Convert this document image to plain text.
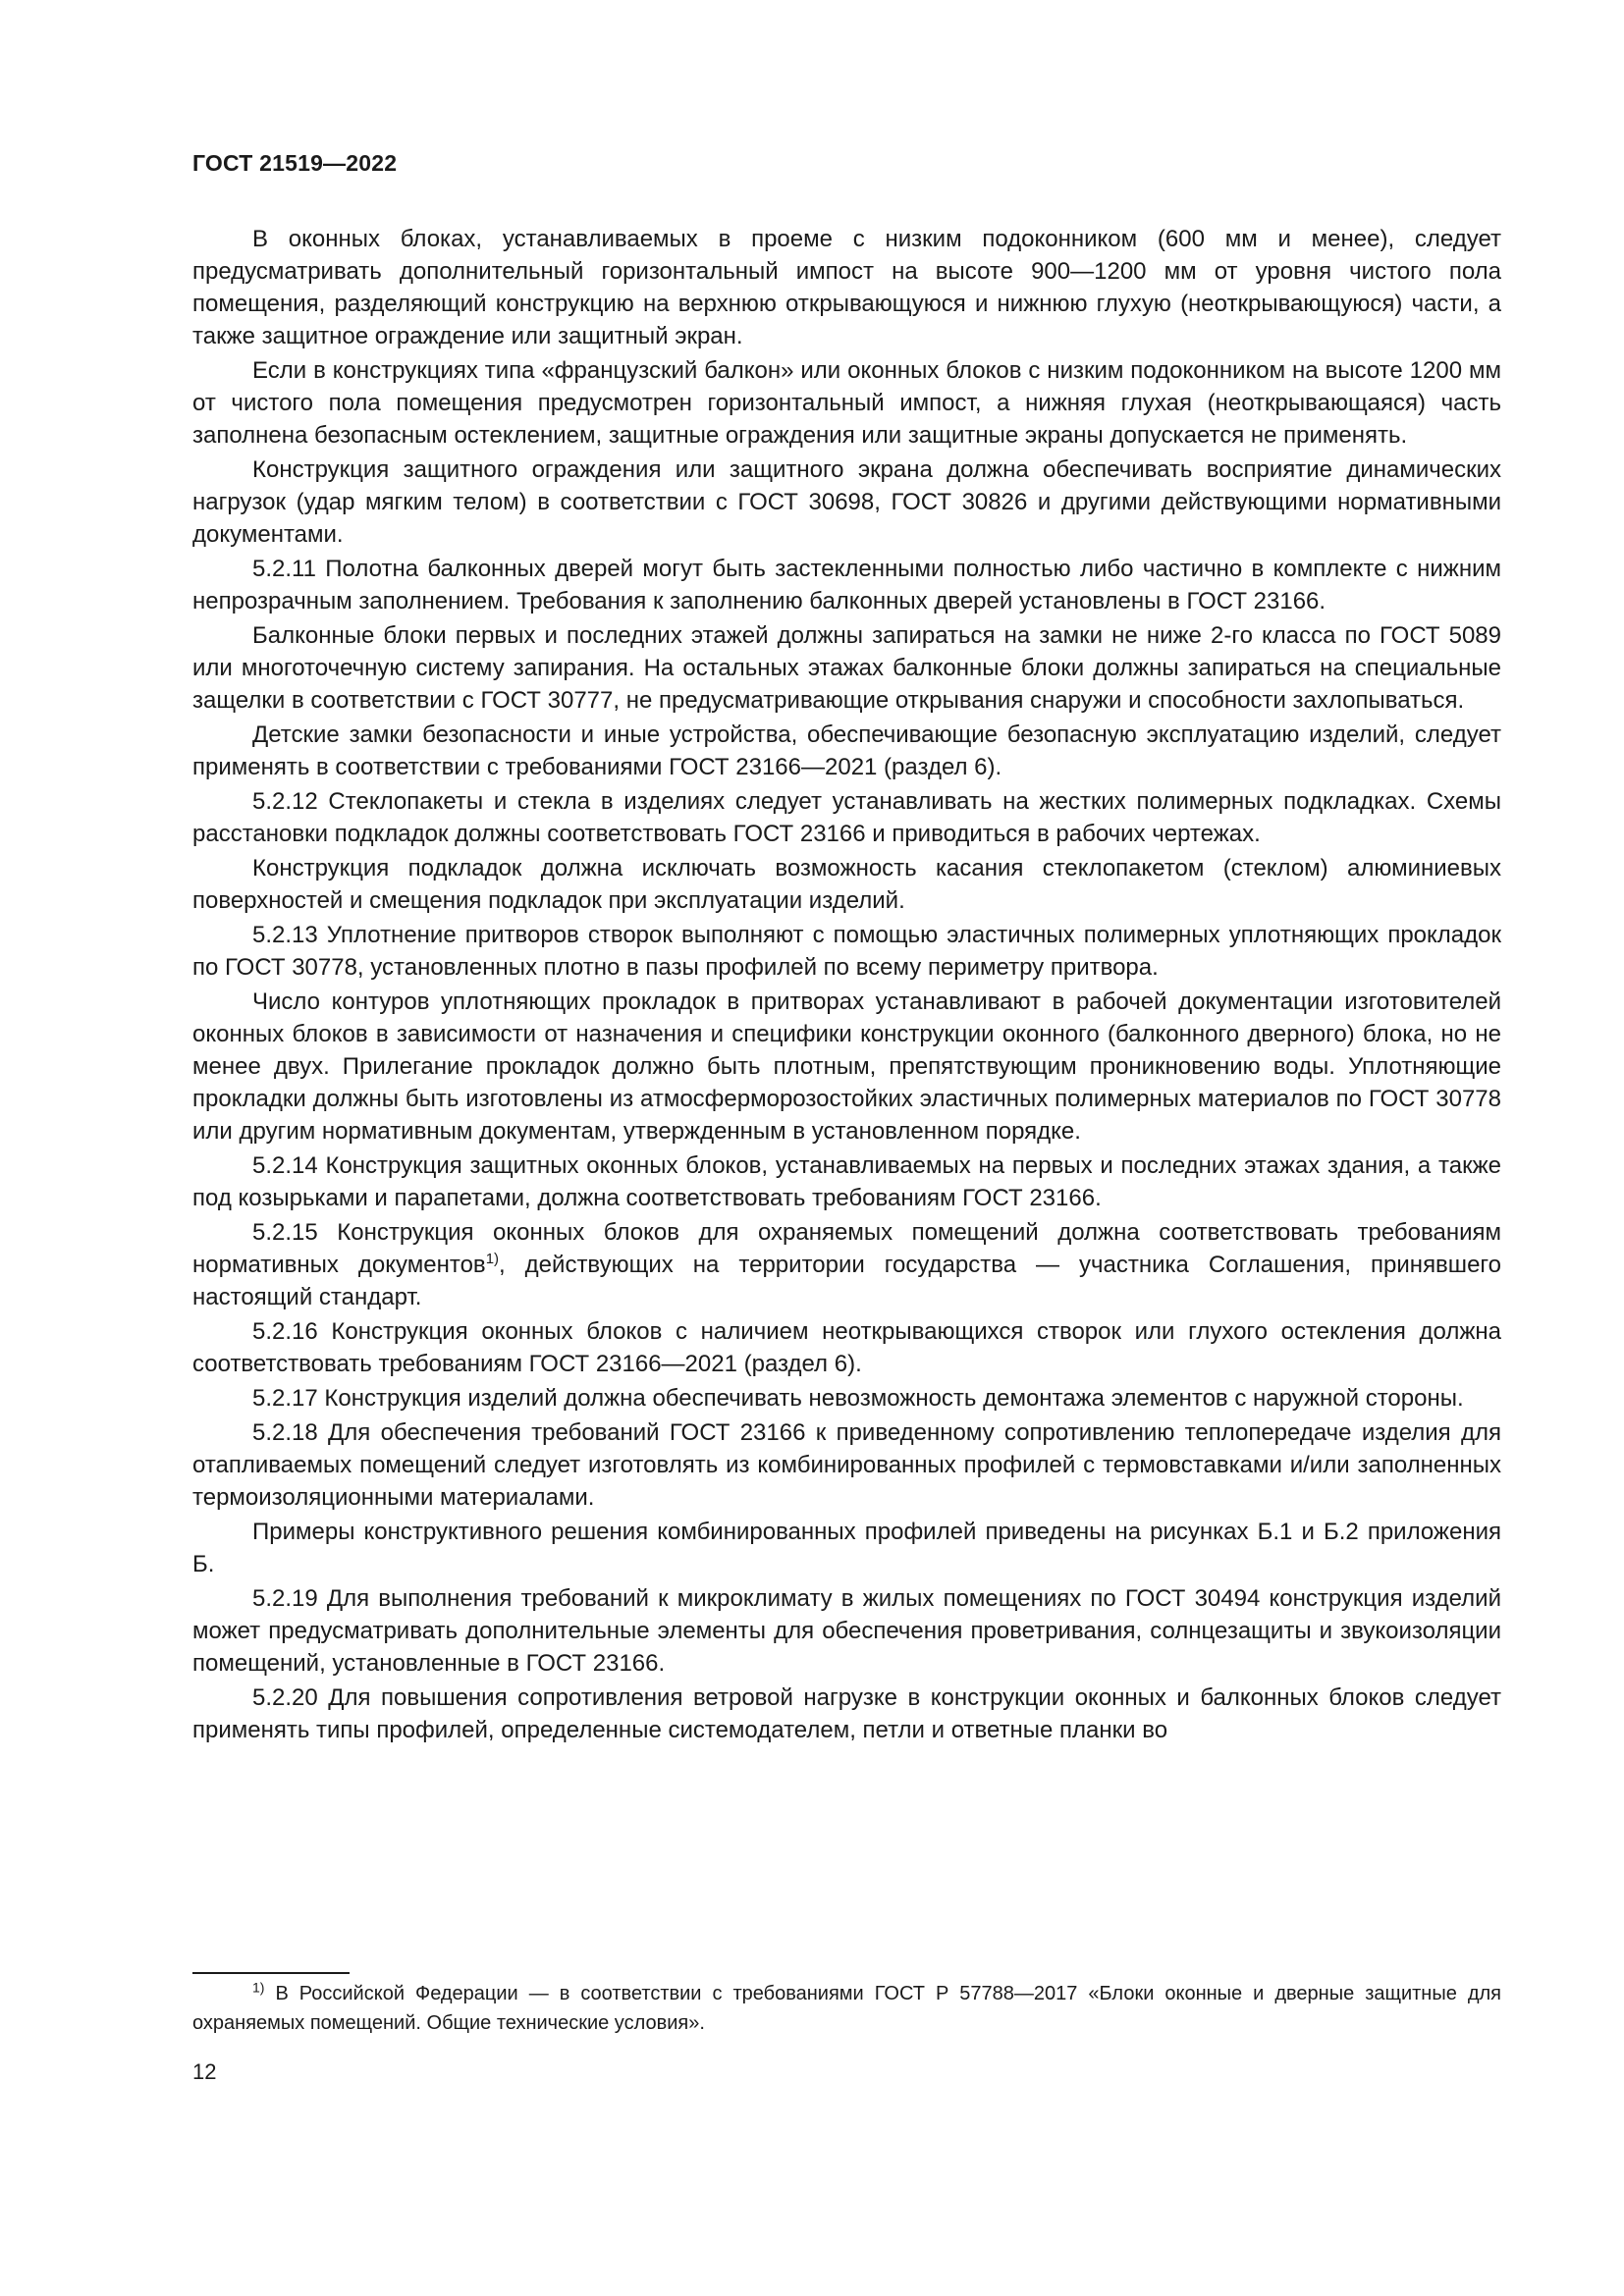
ГОСТ 21519—2022

В оконных блоках, устанавливаемых в проеме с низким подоконником (600 мм и менее), следует предусматривать дополнительный горизонтальный импост на высоте 900—1200 мм от уровня чистого пола помещения, разделяющий конструкцию на верхнюю открывающуюся и нижнюю глухую (неоткрывающуюся) части, а также защитное ограждение или защитный экран.

Если в конструкциях типа «французский балкон» или оконных блоков с низким подоконником на высоте 1200 мм от чистого пола помещения предусмотрен горизонтальный импост, а нижняя глухая (неоткрывающаяся) часть заполнена безопасным остеклением, защитные ограждения или защитные экраны допускается не применять.

Конструкция защитного ограждения или защитного экрана должна обеспечивать восприятие динамических нагрузок (удар мягким телом) в соответствии с ГОСТ 30698, ГОСТ 30826 и другими действующими нормативными документами.

5.2.11 Полотна балконных дверей могут быть застекленными полностью либо частично в комплекте с нижним непрозрачным заполнением. Требования к заполнению балконных дверей установлены в ГОСТ 23166.

Балконные блоки первых и последних этажей должны запираться на замки не ниже 2-го класса по ГОСТ 5089 или многоточечную систему запирания. На остальных этажах балконные блоки должны запираться на специальные защелки в соответствии с ГОСТ 30777, не предусматривающие открывания снаружи и способности захлопываться.

Детские замки безопасности и иные устройства, обеспечивающие безопасную эксплуатацию изделий, следует применять в соответствии с требованиями ГОСТ 23166—2021 (раздел 6).

5.2.12 Стеклопакеты и стекла в изделиях следует устанавливать на жестких полимерных подкладках. Схемы расстановки подкладок должны соответствовать ГОСТ 23166 и приводиться в рабочих чертежах.

Конструкция подкладок должна исключать возможность касания стеклопакетом (стеклом) алюминиевых поверхностей и смещения подкладок при эксплуатации изделий.

5.2.13 Уплотнение притворов створок выполняют с помощью эластичных полимерных уплотняющих прокладок по ГОСТ 30778, установленных плотно в пазы профилей по всему периметру притвора.

Число контуров уплотняющих прокладок в притворах устанавливают в рабочей документации изготовителей оконных блоков в зависимости от назначения и специфики конструкции оконного (балконного дверного) блока, но не менее двух. Прилегание прокладок должно быть плотным, препятствующим проникновению воды. Уплотняющие прокладки должны быть изготовлены из атмосферморозостойких эластичных полимерных материалов по ГОСТ 30778 или другим нормативным документам, утвержденным в установленном порядке.

5.2.14 Конструкция защитных оконных блоков, устанавливаемых на первых и последних этажах здания, а также под козырьками и парапетами, должна соответствовать требованиям ГОСТ 23166.

5.2.15 Конструкция оконных блоков для охраняемых помещений должна соответствовать требованиям нормативных документов$^{1)}$, действующих на территории государства — участника Соглашения, принявшего настоящий стандарт.

5.2.16 Конструкция оконных блоков с наличием неоткрывающихся створок или глухого остекления должна соответствовать требованиям ГОСТ 23166—2021 (раздел 6).

5.2.17 Конструкция изделий должна обеспечивать невозможность демонтажа элементов с наружной стороны.

5.2.18 Для обеспечения требований ГОСТ 23166 к приведенному сопротивлению теплопередаче изделия для отапливаемых помещений следует изготовлять из комбинированных профилей с термовставками и/или заполненных термоизоляционными материалами.

Примеры конструктивного решения комбинированных профилей приведены на рисунках Б.1 и Б.2 приложения Б.

5.2.19 Для выполнения требований к микроклимату в жилых помещениях по ГОСТ 30494 конструкция изделий может предусматривать дополнительные элементы для обеспечения проветривания, солнцезащиты и звукоизоляции помещений, установленные в ГОСТ 23166.

5.2.20 Для повышения сопротивления ветровой нагрузке в конструкции оконных и балконных блоков следует применять типы профилей, определенные системодателем, петли и ответные планки во

$^{1)}$ В Российской Федерации — в соответствии с требованиями ГОСТ Р 57788—2017 «Блоки оконные и дверные защитные для охраняемых помещений. Общие технические условия».

12
